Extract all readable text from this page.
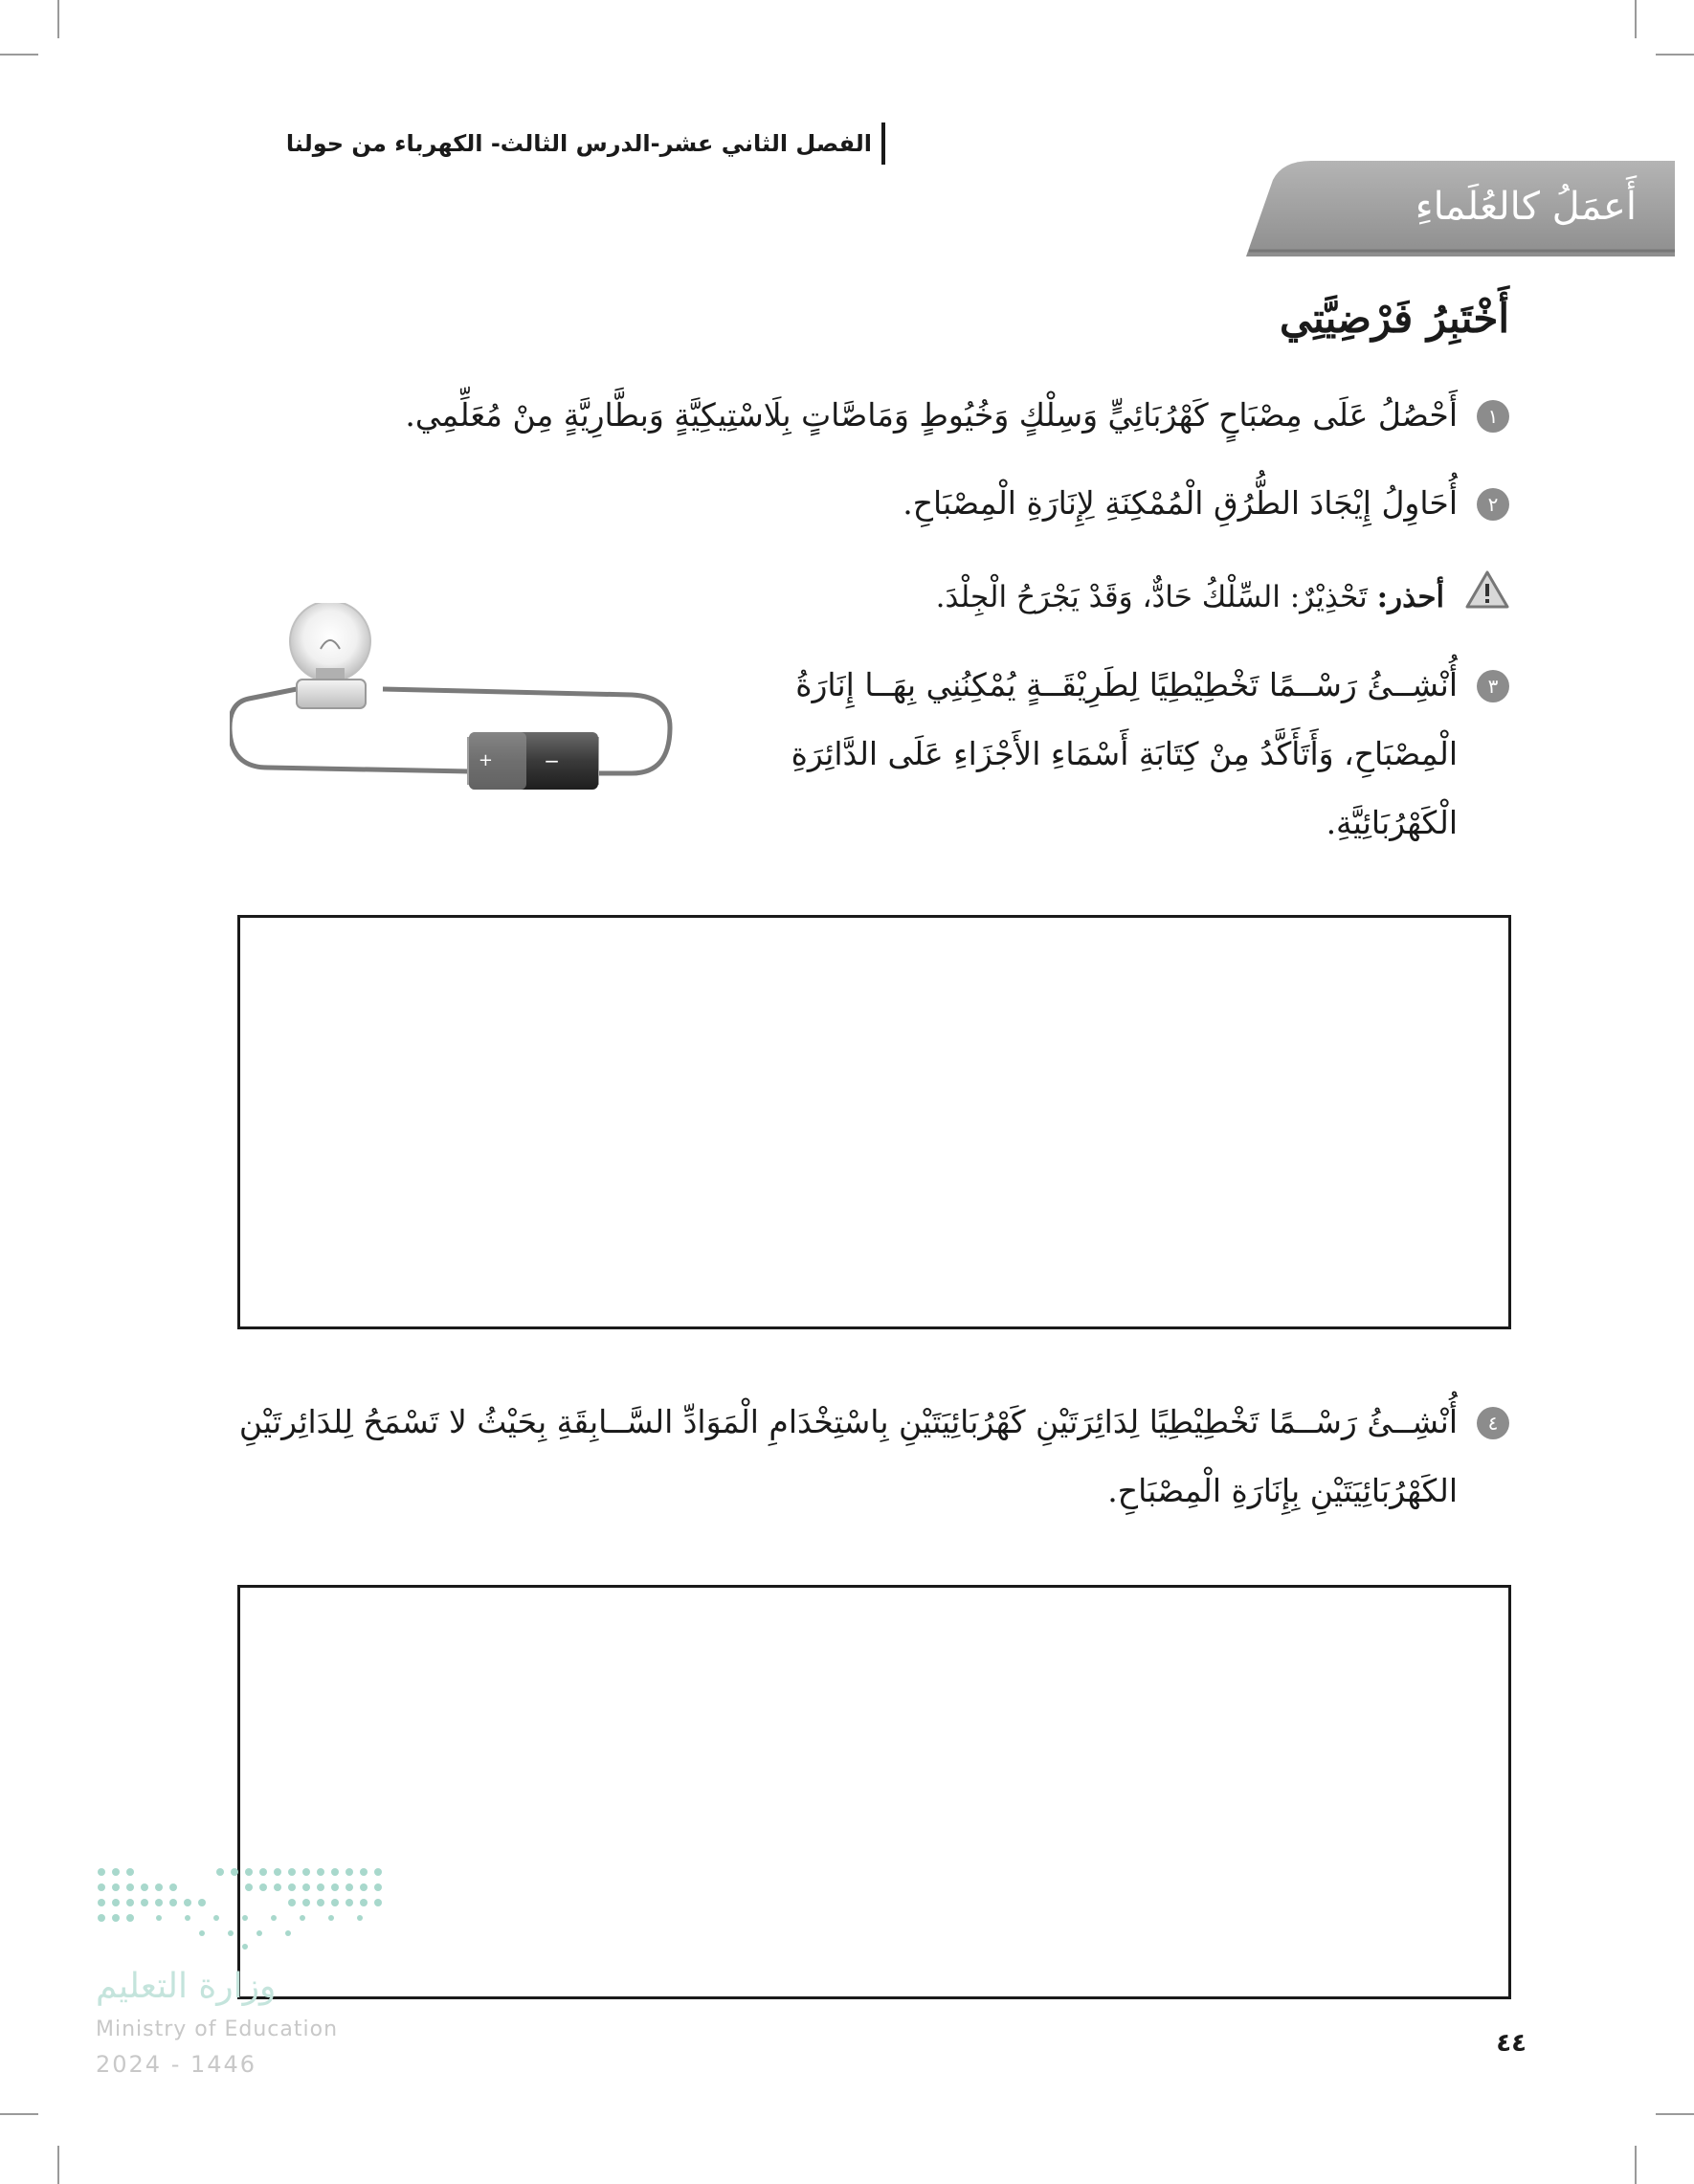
الفصل الثاني عشر-الدرس الثالث- الكهرباء من حولنا
أَعمَلُ كالعُلَماءِ
أَخْتَبِرُ فَرْضِيَّتِي
١
أَحْصُلُ عَلَى مِصْبَاحٍ كَهْرُبَائِيٍّ وَسِلْكٍ وَخُيُوطٍ وَمَاصَّاتٍ بِلَاسْتِيكِيَّةٍ وَبطَّارِيَّةٍ مِنْ مُعَلِّمِي.
٢
أُحَاوِلُ إِيْجَادَ الطُّرُقِ الْمُمْكِنَةِ لِإِنَارَةِ الْمِصْبَاحِ.
أحذر: تَحْذِيْرٌ: السِّلْكُ حَادٌّ، وَقَدْ يَجْرَحُ الْجِلْدَ.
٣
أُنْشِــئُ رَسْــمًا تَخْطِيْطِيًا لِطَرِيْقَــةٍ يُمْكِنُنِي بِهَــا إِنَارَةُ الْمِصْبَاحِ، وَأَتَأَكَّدُ مِنْ كِتَابَةِ أَسْمَاءِ الأَجْزَاءِ عَلَى الدَّائِرَةِ الْكَهْرُبَائِيَّةِ.
+	−
٤
أُنْشِــئُ رَسْــمًا تَخْطِيْطِيًا لِدَائِرَتَيْنِ كَهْرُبَائِيَتَيْنِ بِاسْتِخْدَامِ الْمَوَادِّ السَّــابِقَةِ بِحَيْثُ لا تَسْمَحُ لِلدَائِرتَيْنِ الكَهْرُبَائِيَتَيْنِ بِإِنَارَةِ الْمِصْبَاحِ.
وزارة التعليم
Ministry of Education
2024 - 1446
٤٤
